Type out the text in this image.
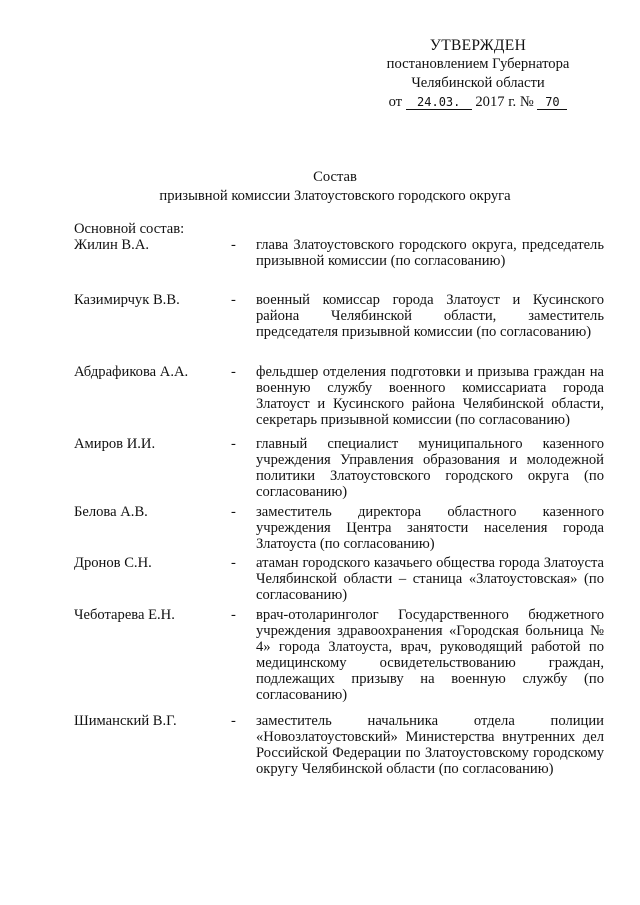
УТВЕРЖДЕН
постановлением Губернатора
Челябинской области
от 24.03. 2017 г. № 70
Состав
призывной комиссии Златоустовского городского округа
Основной состав:
Жилин В.А.	- глава Златоустовского городского округа, председатель призывной комиссии (по согласованию)
Казимирчук В.В.	- военный комиссар города Златоуст и Кусинского района Челябинской области, заместитель председателя призывной комиссии (по согласованию)
Абдрафикова А.А.	- фельдшер отделения подготовки и призыва граждан на военную службу военного комиссариата города Златоуст и Кусинского района Челябинской области, секретарь призывной комиссии (по согласованию)
Амиров И.И.	- главный специалист муниципального казенного учреждения Управления образования и молодежной политики Златоустовского городского округа (по согласованию)
Белова А.В.	- заместитель директора областного казенного учреждения Центра занятости населения города Златоуста (по согласованию)
Дронов С.Н.	- атаман городского казачьего общества города Златоуста Челябинской области – станица «Златоустовская» (по согласованию)
Чеботарева Е.Н.	- врач-отоларинголог Государственного бюджетного учреждения здравоохранения «Городская больница № 4» города Златоуста, врач, руководящий работой по медицинскому освидетельствованию граждан, подлежащих призыву на военную службу (по согласованию)
Шиманский В.Г.	- заместитель начальника отдела полиции «Новозлатоустовский» Министерства внутренних дел Российской Федерации по Златоустовскому городскому округу Челябинской области (по согласованию)
